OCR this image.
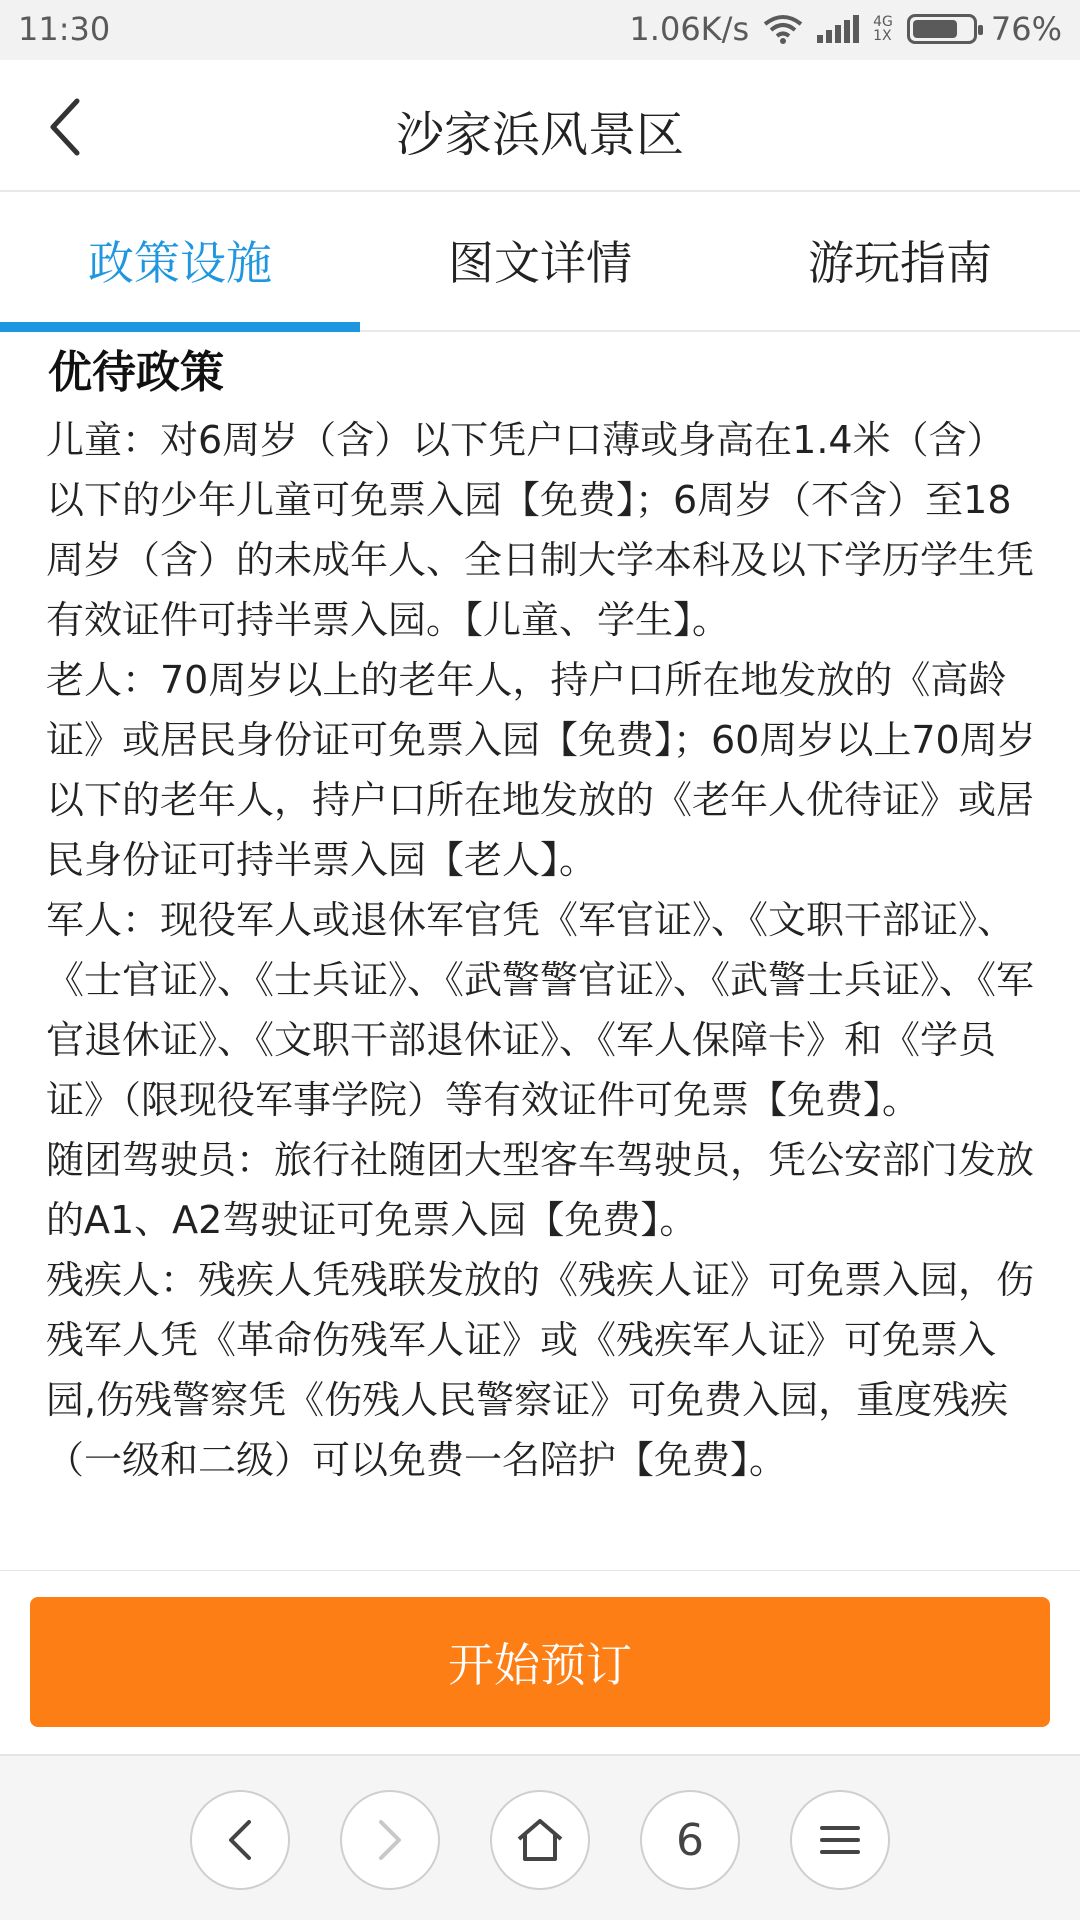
11:30	1.06K/s	4G
1X	76%
沙家浜风景区
政策设施	图文详情	游玩指南
优待政策

儿童：对6周岁（含）以下凭户口薄或身高在1.4米（含）以下的少年儿童可免票入园【免费】；6周岁（不含）至18周岁（含）的未成年人、全日制大学本科及以下学历学生凭有效证件可持半票入园。【儿童、学生】。

老人：70周岁以上的老年人，持户口所在地发放的《高龄证》或居民身份证可免票入园【免费】；60周岁以上70周岁以下的老年人，持户口所在地发放的《老年人优待证》或居民身份证可持半票入园【老人】。

军人：现役军人或退休军官凭《军官证》、《文职干部证》、《士官证》、《士兵证》、《武警警官证》、《武警士兵证》、《军官退休证》、《文职干部退休证》、《军人保障卡》和《学员证》（限现役军事学院）等有效证件可免票【免费】。

随团驾驶员：旅行社随团大型客车驾驶员，凭公安部门发放的A1、A2驾驶证可免票入园【免费】。

残疾人：残疾人凭残联发放的《残疾人证》可免票入园，伤残军人凭《革命伤残军人证》或《残疾军人证》可免票入园,伤残警察凭《伤残人民警察证》可免费入园，重度残疾（一级和二级）可以免费一名陪护【免费】。

开始预订
6
